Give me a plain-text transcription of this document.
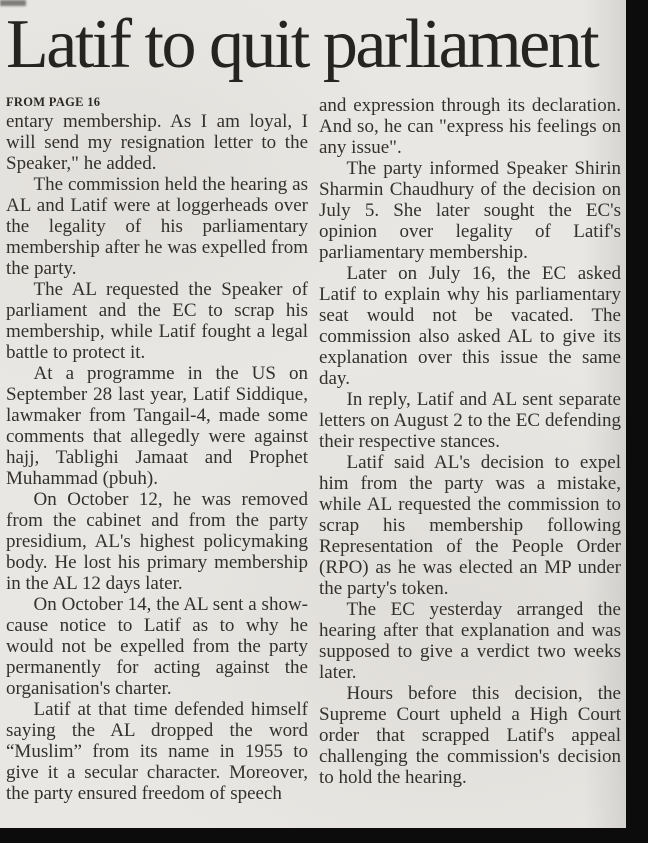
Latif to quit parliament
FROM PAGE 16

entary membership. As I am loyal, I will send my resignation letter to the Speaker," he added.

The commission held the hearing as AL and Latif were at loggerheads over the legality of his parliamentary membership after he was expelled from the party.

The AL requested the Speaker of parliament and the EC to scrap his membership, while Latif fought a legal battle to protect it.

At a programme in the US on September 28 last year, Latif Siddique, lawmaker from Tangail-4, made some comments that allegedly were against hajj, Tablighi Jamaat and Prophet Muhammad (pbuh).

On October 12, he was removed from the cabinet and from the party presidium, AL's highest policymaking body. He lost his primary membership in the AL 12 days later.

On October 14, the AL sent a show-cause notice to Latif as to why he would not be expelled from the party permanently for acting against the organisation's charter.

Latif at that time defended himself saying the AL dropped the word “Muslim” from its name in 1955 to give it a secular character. Moreover, the party ensured freedom of speech

and expression through its declaration. And so, he can "express his feelings on any issue".

The party informed Speaker Shirin Sharmin Chaudhury of the decision on July 5. She later sought the EC's opinion over legality of Latif's parliamentary membership.

Later on July 16, the EC asked Latif to explain why his parliamentary seat would not be vacated. The commission also asked AL to give its explanation over this issue the same day.

In reply, Latif and AL sent separate letters on August 2 to the EC defending their respective stances.

Latif said AL's decision to expel him from the party was a mistake, while AL requested the commission to scrap his membership following Representation of the People Order (RPO) as he was elected an MP under the party's token.

The EC yesterday arranged the hearing after that explanation and was supposed to give a verdict two weeks later.

Hours before this decision, the Supreme Court upheld a High Court order that scrapped Latif's appeal challenging the commission's decision to hold the hearing.
